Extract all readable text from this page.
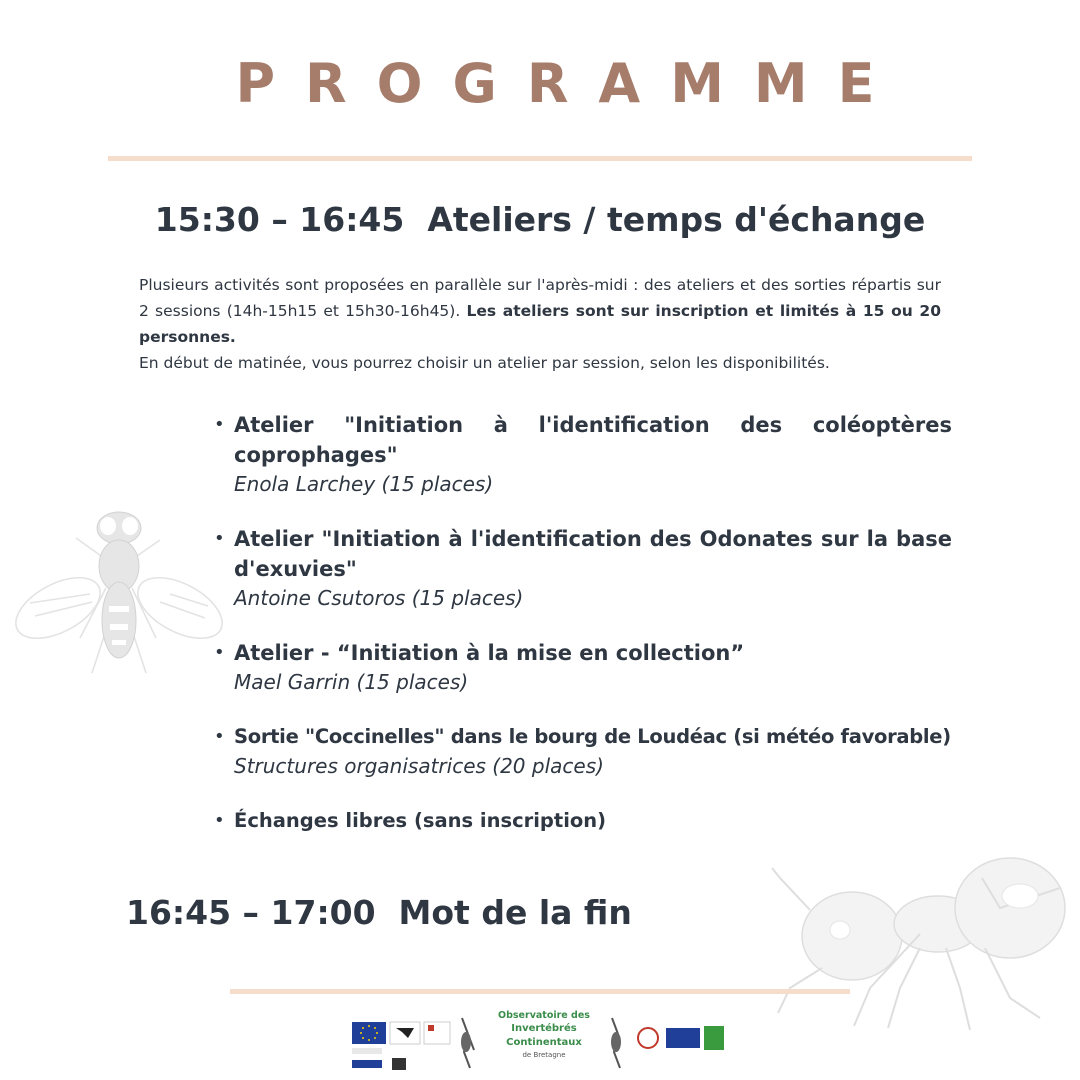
PROGRAMME
15:30 – 16:45 Ateliers / temps d'échange

Plusieurs activités sont proposées en parallèle sur l'après-midi : des ateliers et des sorties répartis sur 2 sessions (14h-15h15 et 15h30-16h45). Les ateliers sont sur inscription et limités à 15 ou 20 personnes.

En début de matinée, vous pourrez choisir un atelier par session, selon les disponibilités.

• Atelier "Initiation à l'identification des coléoptères coprophages"
Enola Larchey (15 places)
• Atelier "Initiation à l'identification des Odonates sur la base d'exuvies"
Antoine Csutoros (15 places)
• Atelier - “Initiation à la mise en collection”
Mael Garrin (15 places)
• Sortie "Coccinelles" dans le bourg de Loudéac (si météo favorable)
Structures organisatrices (20 places)
• Échanges libres (sans inscription)
16:45 – 17:00 Mot de la fin
Observatoire des
Invertébrés Continentaux
de Bretagne
